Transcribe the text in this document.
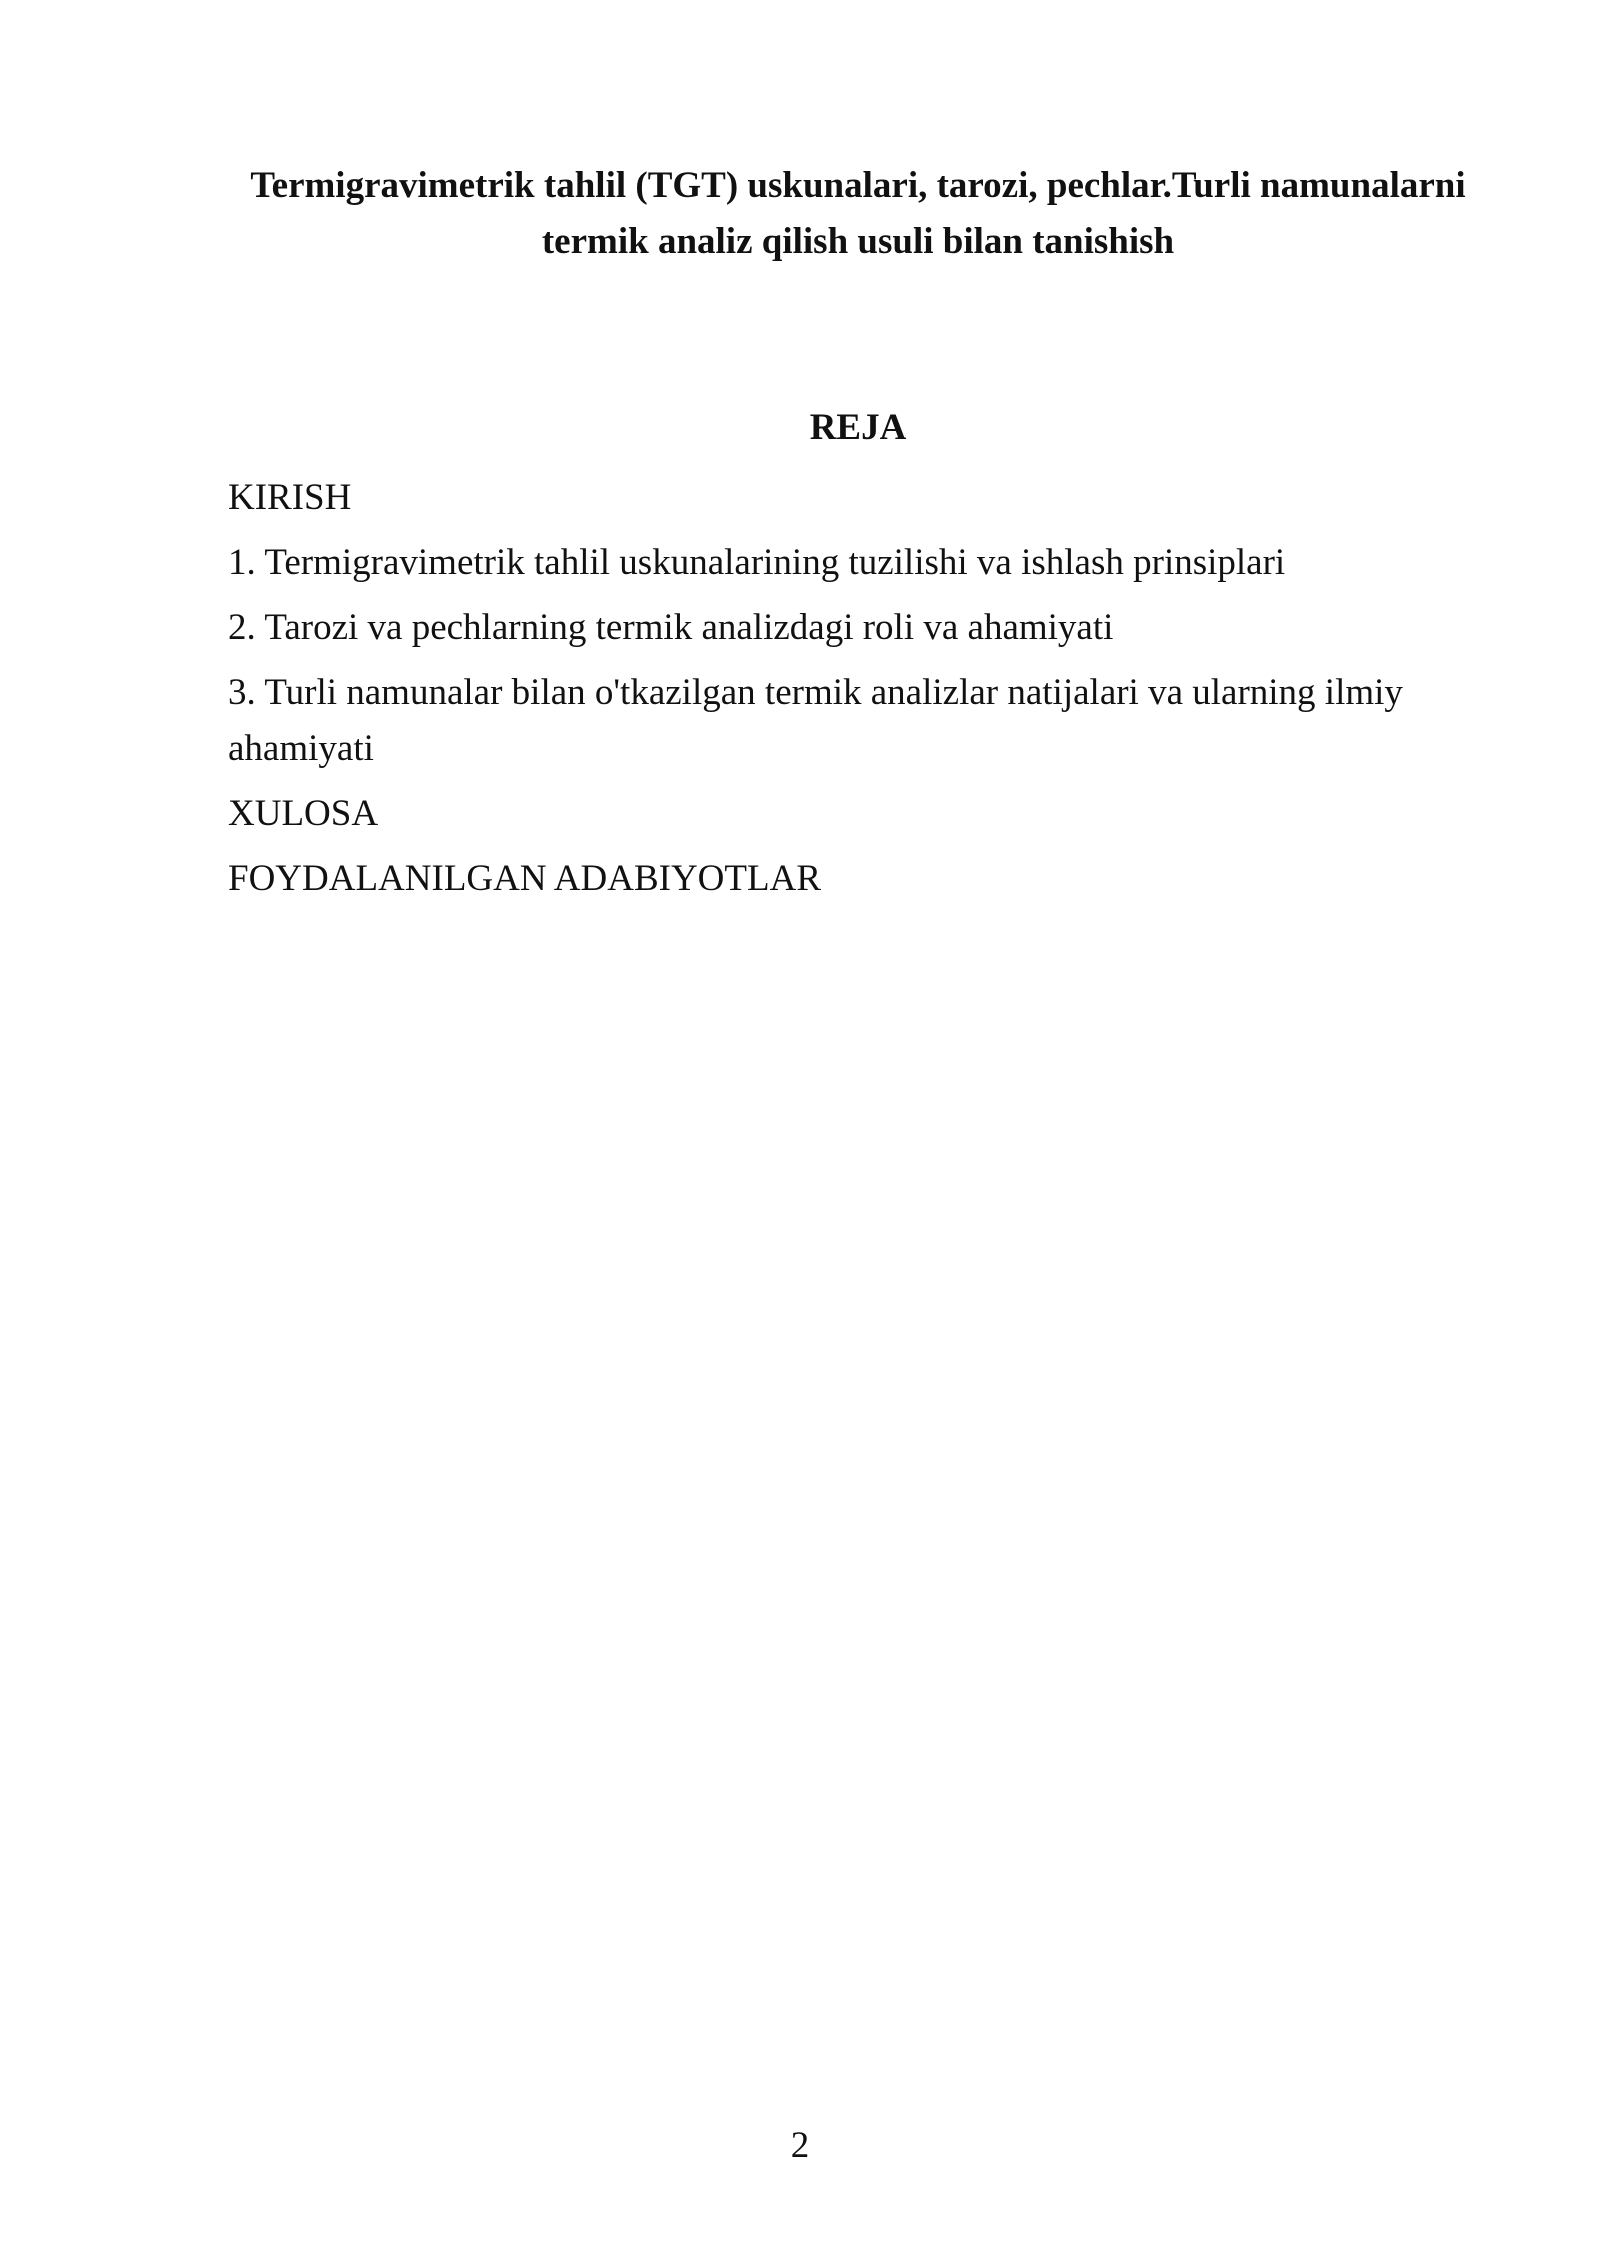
Termigravimetrik tahlil (TGT) uskunalari, tarozi, pechlar.Turli namunalarni termik analiz qilish usuli bilan tanishish
REJA
KIRISH
1. Termigravimetrik tahlil uskunalarining tuzilishi va ishlash prinsiplari
2. Tarozi va pechlarning termik analizdagi roli va ahamiyati
3. Turli namunalar bilan o'tkazilgan termik analizlar natijalari va ularning ilmiy ahamiyati
XULOSA
FOYDALANILGAN ADABIYOTLAR
2
